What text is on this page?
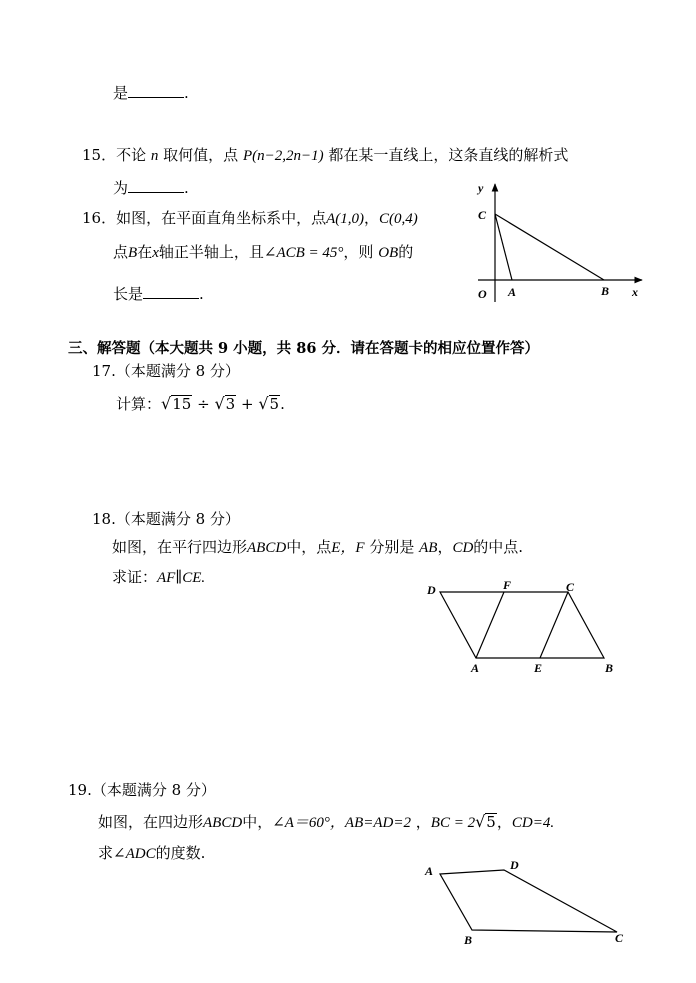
是	.
15．不论 n 取何值，点 P(n−2,2n−1) 都在某一直线上，这条直线的解析式
为	.
16．如图，在平面直角坐标系中，点A(1,0)，C(0,4)
点B在x轴正半轴上，且∠ACB = 45°，则 OB的
长是	.
y
C
O A	B x
三、解答题（本大题共 9 小题，共 86 分．请在答题卡的相应位置作答）
17.（本题满分 8 分）
计算：√15 ÷ √3 + √5.
18.（本题满分 8 分）
如图，在平行四边形ABCD中，点E，F 分别是 AB，CD的中点.
求证：AF∥CE.
D	F	C
A	E	B
19.（本题满分 8 分）
如图，在四边形ABCD中，∠A＝60°，AB=AD=2 ，BC = 2√5，CD=4.
求∠ADC的度数.
A	D
B	C
